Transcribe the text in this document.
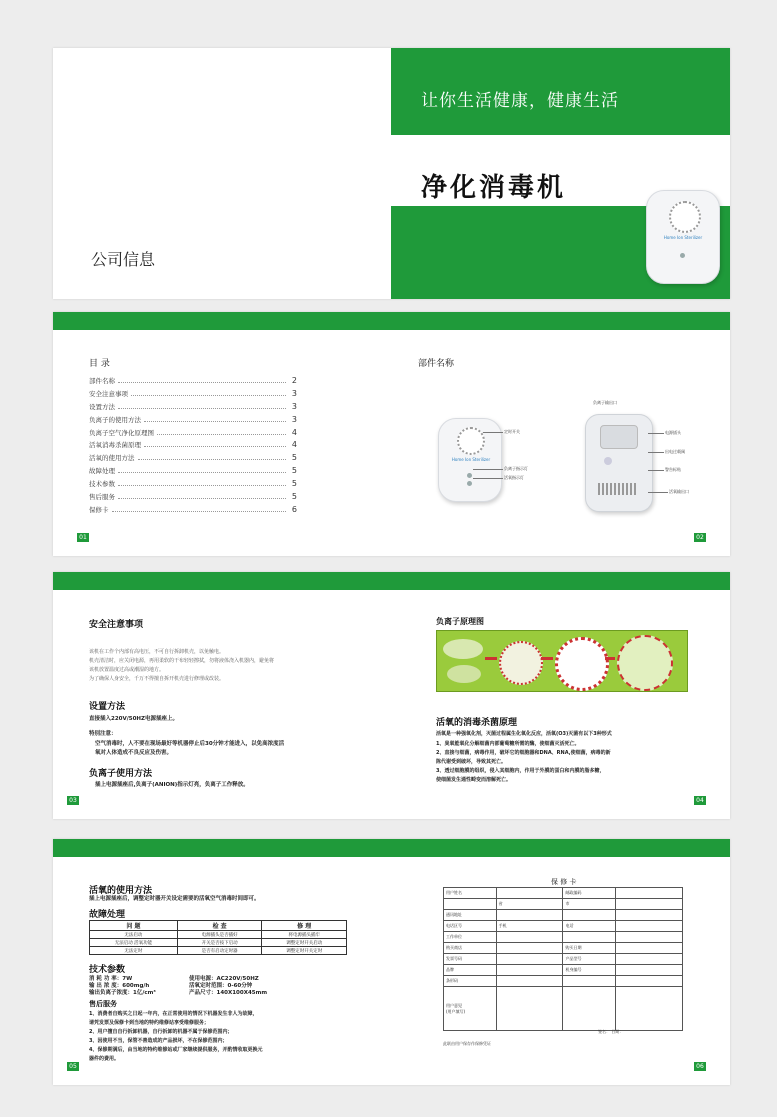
让你生活健康，健康生活
净化消毒机
公司信息
Home Ion Sterilizer
目 录
部件名称	2
安全注意事项	3
设置方法	3
负离子的使用方法	3
负离子空气净化原理图	4
活氧消毒杀菌原理	4
活氧的使用方法	5
故障处理	5
技术参数	5
售后服务	5
保修卡	6
部件名称
Home Ion Sterilizer
定时开关
负离子指示灯
活氧指示灯
负离子输出口
电源插头
出电过载阀
警告标贴
活氧输出口
01	02
安全注意事项
该机在工作个内部有高电压，不可自行拆卸机壳，以免触电。
机壳清洁时，应关闭电源，再用柔软的干布轻轻擦拭，勿将液体浇入机器内，避免将
该机放置温度过高或潮湿的地方。
为了确保人身安全，千万不得擅自拆开机壳进行修理或改装。
设置方法
直接插入220V/50HZ电源插座上。
特别注意：
空气消毒时，人不要在现场最好等机器停止后30分钟才能进入，以免高浓度活
氧对人体造成不良反应及伤害。
负离子使用方法
插上电源插座后,负离子(ANION)指示灯亮，负离子工作释放。
负离子原理图
活氧的消毒杀菌原理
活氧是一种强氧化剂，灭菌过程属生化氧化反应，活氧(O3)灭菌有以下3种形式
1、臭氧能氧化分解细菌内部葡萄糖所需的酶，使细菌灭活死亡。
2、直接与细菌，病毒作用，破坏它的细胞器和DNA、RNA,使细菌，病毒的新
陈代谢受到破坏，导致其死亡。
3、透过细胞膜的组织，侵入其细胞内，作用于外膜的蛋白和内膜的脂多糖，
使细菌发生通性畸变而溶解死亡。
03	04
活氧的使用方法
插上电源插座后，调整定时器开关设定需要的活氧空气消毒时间即可。
故障处理
问 题	检 查	修 理
无法启动	电源插头是否插好	将电源插头插牢
无法启动 活氧功能	开关是否按下启动	调整定时开关启动
无法定时	是否有启动定时器	调整定时开关定时
技术参数
消 耗 功 率：7W	使用电源：AC220V/50HZ
输 出 浓 度：600mg/h	活氧定时范围：0-60分钟
输出负离子浓度：1亿/cm³	产品尺寸：140X100X45mm
售后服务
1、消费者自购买之日起一年内，在正常使用的情况下机器发生非人为故障，
请凭发票及保修卡到当地的特约维修站享受维修服务；
2、用户擅自自行拆卸机器，自行拆卸的机器不属于保修范围内；
3、因使用不当，保管不善造成的产品损坏，不在保修范围内；
4、保修期满后，由当地的特约维修站或厂家继续提供服务，并酌情收取更换元
器件的费用。
保 修 卡
用户姓名		邮政编码	
	省	市	
通讯地址			
电话区号	手机	电话	
工作单位			
购买商店		购买日期	
发票号码		产品型号	
品牌		机身编号	
条形码			
用户意见
(用户填写)			
签名： 日期：
此联由用户保存作保修凭证
05	06
